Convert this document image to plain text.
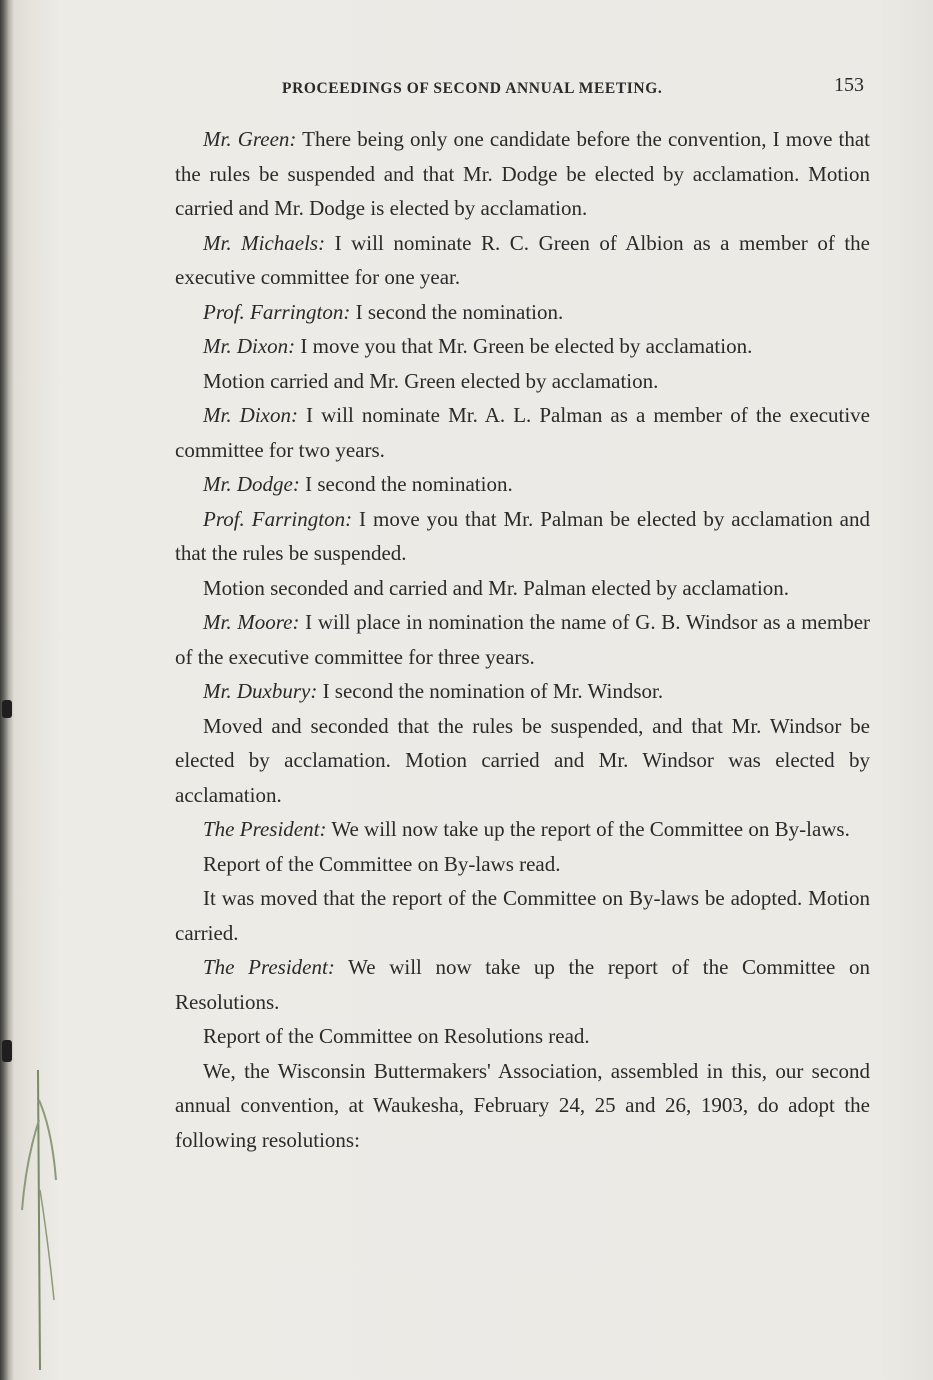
PROCEEDINGS OF SECOND ANNUAL MEETING.	153

Mr. Green: There being only one candidate before the convention, I move that the rules be suspended and that Mr. Dodge be elected by acclamation. Motion carried and Mr. Dodge is elected by acclamation.

Mr. Michaels: I will nominate R. C. Green of Albion as a member of the executive committee for one year.

Prof. Farrington: I second the nomination.

Mr. Dixon: I move you that Mr. Green be elected by acclamation.

Motion carried and Mr. Green elected by acclamation.

Mr. Dixon: I will nominate Mr. A. L. Palman as a member of the executive committee for two years.

Mr. Dodge: I second the nomination.

Prof. Farrington: I move you that Mr. Palman be elected by acclamation and that the rules be suspended.

Motion seconded and carried and Mr. Palman elected by acclamation.

Mr. Moore: I will place in nomination the name of G. B. Windsor as a member of the executive committee for three years.

Mr. Duxbury: I second the nomination of Mr. Windsor.

Moved and seconded that the rules be suspended, and that Mr. Windsor be elected by acclamation. Motion carried and Mr. Windsor was elected by acclamation.

The President: We will now take up the report of the Committee on By-laws.

Report of the Committee on By-laws read.

It was moved that the report of the Committee on By-laws be adopted. Motion carried.

The President: We will now take up the report of the Committee on Resolutions.

Report of the Committee on Resolutions read.

We, the Wisconsin Buttermakers' Association, assembled in this, our second annual convention, at Waukesha, February 24, 25 and 26, 1903, do adopt the following resolutions:
